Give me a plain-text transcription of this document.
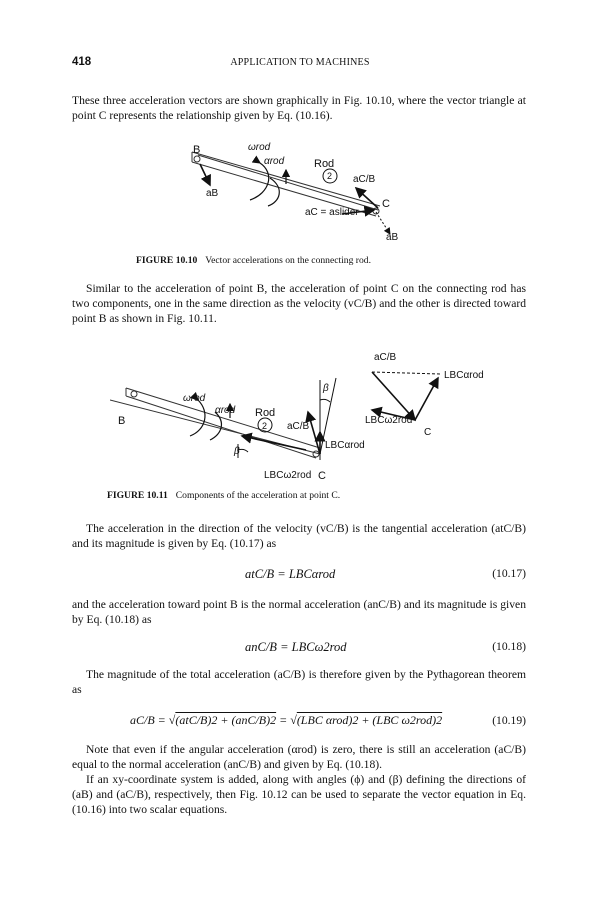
418	APPLICATION TO MACHINES
These three acceleration vectors are shown graphically in Fig. 10.10, where the vector triangle at point C represents the relationship given by Eq. (10.16).
B	ωrod
αrod	Rod
2
aB
aC/B
C
aC = aslider
aB
FIGURE 10.10 Vector accelerations on the connecting rod.
Similar to the acceleration of point B, the acceleration of point C on the connecting rod has two components, one in the same direction as the velocity (vC/B) and the other is directed toward point B as shown in Fig. 10.11.
aC/B
LBCαrod
LBCω2rod
C
β
B
ωrod
αrod Rod
2 aC/B
LBCαrod
β
LBCω2rod C
FIGURE 10.11 Components of the acceleration at point C.
The acceleration in the direction of the velocity (vC/B) is the tangential acceleration (atC/B) and its magnitude is given by Eq. (10.17) as
atC/B = LBCαrod	(10.17)
and the acceleration toward point B is the normal acceleration (anC/B) and its magnitude is given by Eq. (10.18) as
anC/B = LBCω2rod	(10.18)
The magnitude of the total acceleration (aC/B) is therefore given by the Pythagorean theorem as
aC/B = √(atC/B)2 + (anC/B)2 = √(LBC αrod)2 + (LBC ω2rod)2	(10.19)
Note that even if the angular acceleration (αrod) is zero, there is still an acceleration (aC/B) equal to the normal acceleration (anC/B) and given by Eq. (10.18).
If an xy-coordinate system is added, along with angles (ϕ) and (β) defining the directions of (aB) and (aC/B), respectively, then Fig. 10.12 can be used to separate the vector equation in Eq. (10.16) into two scalar equations.
